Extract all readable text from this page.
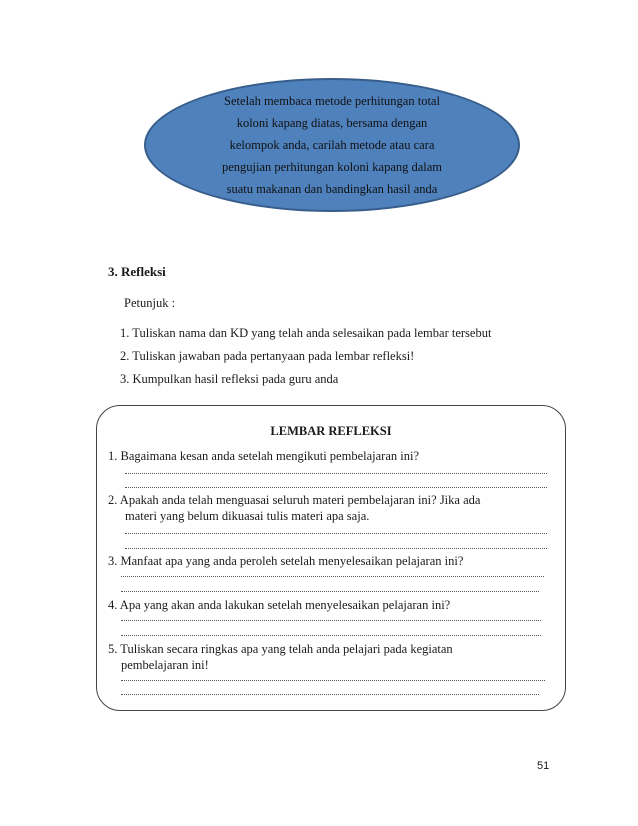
Setelah membaca metode perhitungan total
koloni kapang diatas, bersama dengan
kelompok anda, carilah metode atau cara
pengujian perhitungan koloni kapang dalam
suatu makanan dan bandingkan hasil anda
3. Refleksi
Petunjuk :
1. Tuliskan nama dan KD yang telah anda selesaikan pada lembar tersebut
2. Tuliskan jawaban pada pertanyaan pada lembar refleksi!
3. Kumpulkan hasil refleksi pada guru anda
LEMBAR REFLEKSI
1. Bagaimana kesan anda setelah mengikuti pembelajaran ini?
2. Apakah anda telah menguasai seluruh materi pembelajaran ini? Jika ada
materi yang belum dikuasai tulis materi apa saja.
3. Manfaat apa yang anda peroleh setelah menyelesaikan pelajaran ini?
4. Apa yang akan anda lakukan setelah menyelesaikan pelajaran ini?
5. Tuliskan secara ringkas apa yang telah anda pelajari pada kegiatan
pembelajaran ini!
51
